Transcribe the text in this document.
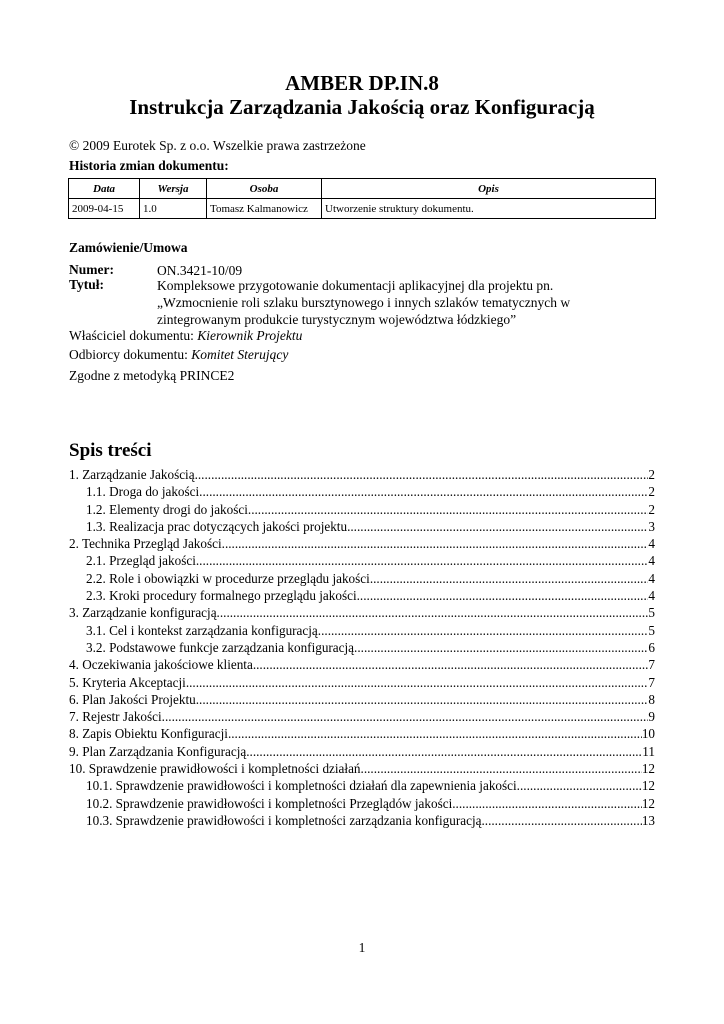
AMBER DP.IN.8
Instrukcja Zarządzania Jakością oraz Konfiguracją
© 2009 Eurotek Sp. z o.o. Wszelkie prawa zastrzeżone
Historia zmian dokumentu:
Data	Wersja	Osoba	Opis
2009-04-15	1.0	Tomasz Kalmanowicz	Utworzenie struktury dokumentu.
Zamówienie/Umowa
Numer:	ON.3421-10/09
Tytuł:	Kompleksowe przygotowanie dokumentacji aplikacyjnej dla projektu pn.
„Wzmocnienie roli szlaku bursztynowego i innych szlaków tematycznych w
zintegrowanym produkcie turystycznym województwa łódzkiego”
Właściciel dokumentu: Kierownik Projektu
Odbiorcy dokumentu: Komitet Sterujący
Zgodne z metodyką PRINCE2
Spis treści
1. Zarządzanie Jakością .....	2
1.1. Droga do jakości .....	2
1.2. Elementy drogi do jakości .....	2
1.3. Realizacja prac dotyczących jakości projektu .....	3
2. Technika Przegląd Jakości .....	4
2.1. Przegląd jakości .....	4
2.2. Role i obowiązki w procedurze przeglądu jakości .....	4
2.3. Kroki procedury formalnego przeglądu jakości .....	4
3. Zarządzanie konfiguracją .....	5
3.1. Cel i kontekst zarządzania konfiguracją .....	5
3.2. Podstawowe funkcje zarządzania konfiguracją .....	6
4. Oczekiwania jakościowe klienta .....	7
5. Kryteria Akceptacji .....	7
6. Plan Jakości Projektu .....	8
7. Rejestr Jakości .....	9
8. Zapis Obiektu Konfiguracji .....	10
9. Plan Zarządzania Konfiguracją .....	11
10. Sprawdzenie prawidłowości i kompletności działań .....	12
10.1. Sprawdzenie prawidłowości i kompletności działań dla zapewnienia jakości .....	12
10.2. Sprawdzenie prawidłowości i kompletności Przeglądów jakości .....	12
10.3. Sprawdzenie prawidłowości i kompletności zarządzania konfiguracją .....	13
1
